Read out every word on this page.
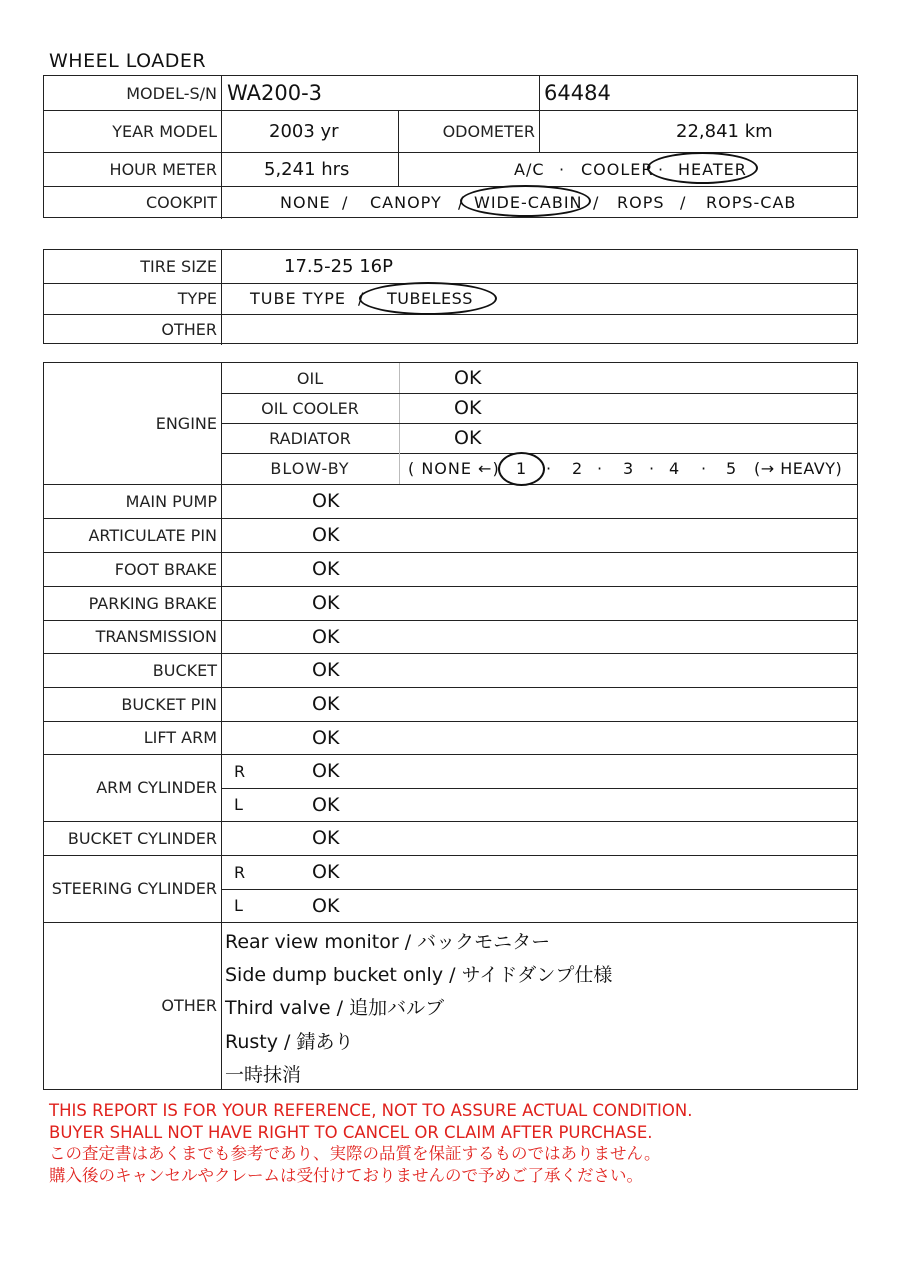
WHEEL LOADER
MODEL-S/N WA200-3	64484
YEAR MODEL	2003 yr	ODOMETER	22,841 km
HOUR METER	5,241 hrs	A/C · COOLER · HEATER
COOKPIT	NONE / CANOPY / WIDE-CABIN / ROPS / ROPS-CAB
TIRE SIZE	17.5-25 16P
TYPE TUBE TYPE / TUBELESS
OTHER
ENGINE
OIL	OK
OIL COOLER	OK
RADIATOR	OK
BLOW-BY	( NONE ←) 1 · 2 · 3 · 4 · 5 (→ HEAVY)
MAIN PUMP	OK
ARTICULATE PIN	OK
FOOT BRAKE	OK
PARKING BRAKE	OK
TRANSMISSION	OK
BUCKET	OK
BUCKET PIN	OK
LIFT ARM	OK
ARM CYLINDER
R	OK
L	OK
BUCKET CYLINDER	OK
STEERING CYLINDER
R	OK
L	OK
OTHER
Rear view monitor / バックモニター
Side dump bucket only / サイドダンプ仕様
Third valve / 追加バルブ
Rusty / 錆あり
一時抹消
THIS REPORT IS FOR YOUR REFERENCE, NOT TO ASSURE ACTUAL CONDITION.
BUYER SHALL NOT HAVE RIGHT TO CANCEL OR CLAIM AFTER PURCHASE.
この査定書はあくまでも参考であり、実際の品質を保証するものではありません。
購入後のキャンセルやクレームは受付けておりませんので予めご了承ください。
